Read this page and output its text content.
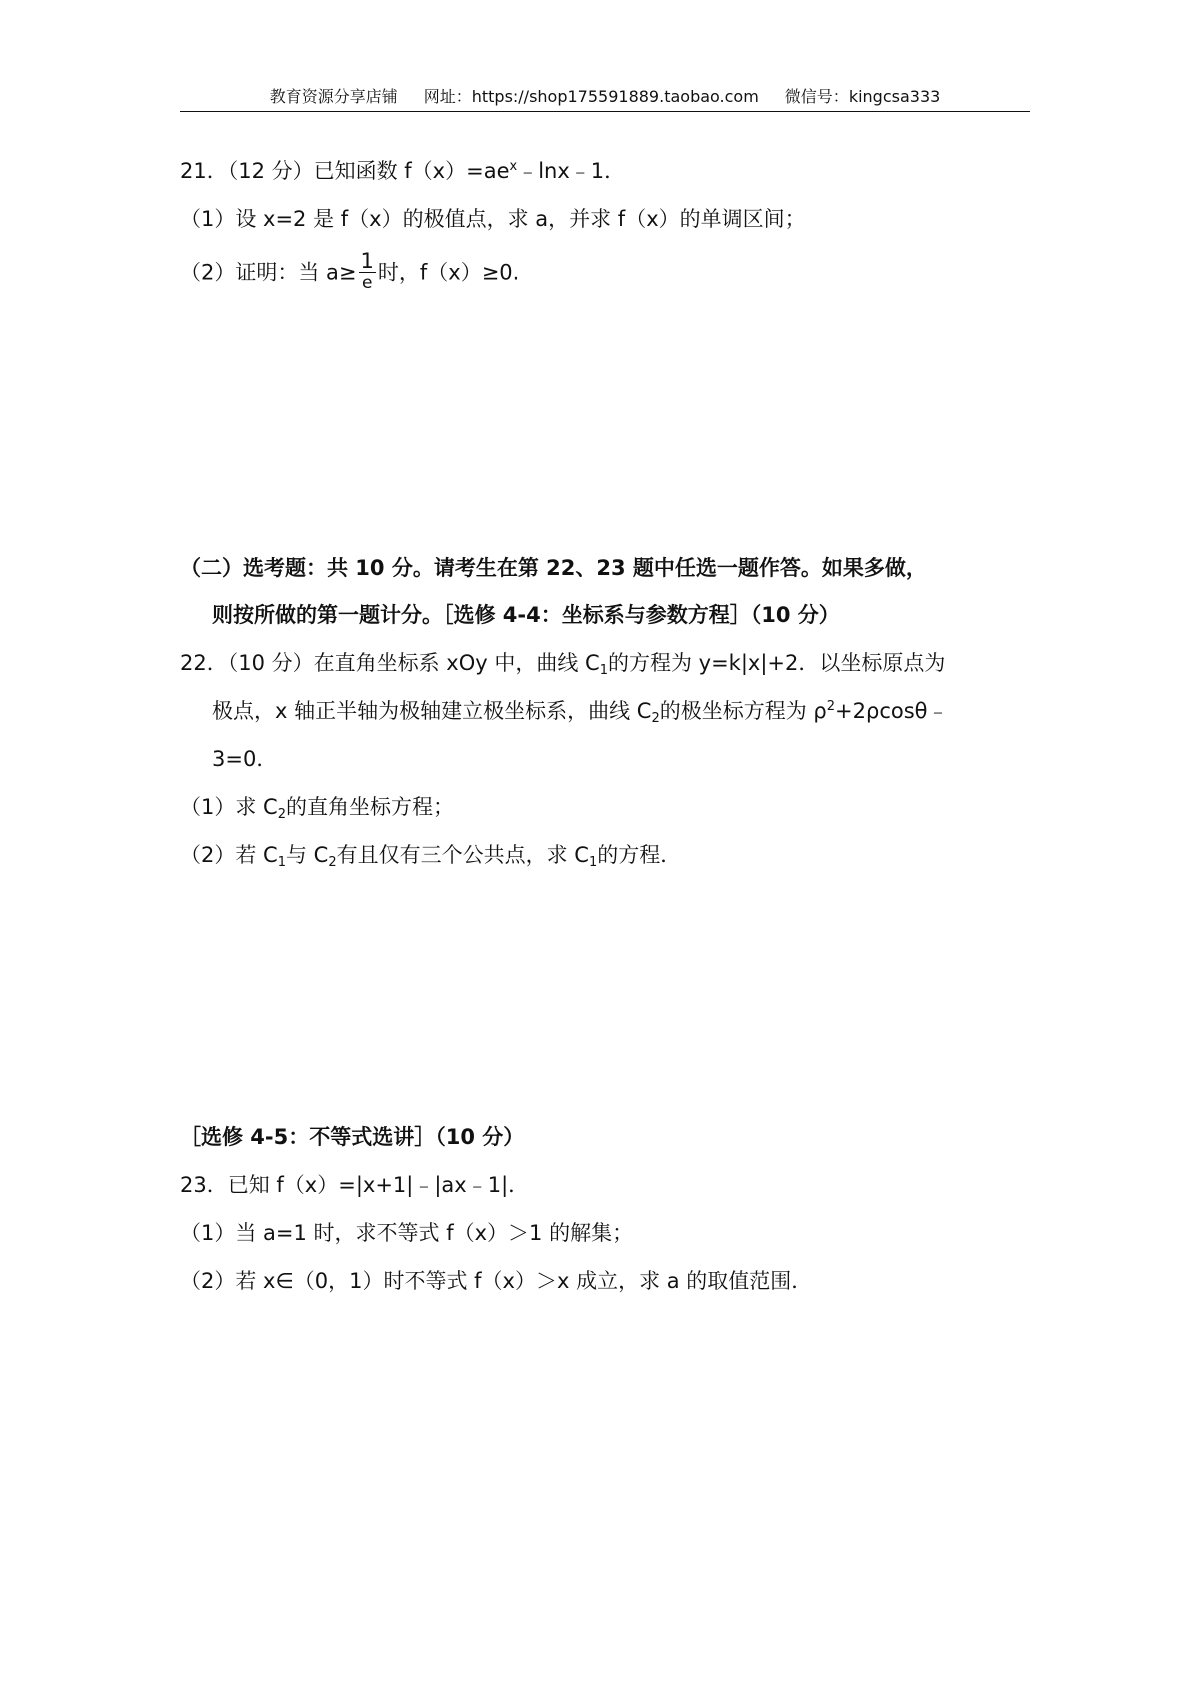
教育资源分享店铺 网址：https://shop175591889.taobao.com 微信号：kingcsa333
21．（12 分）已知函数 $f(x)=ae^x﹣\ln x﹣1$．
（1）设 x=2 是 f（x）的极值点，求 a，并求 f（x）的单调区间；
（2）证明：当 $a\ge \frac{1}{e}$ 时，f（x）≥0.
（二）选考题：共 10 分。请考生在第 22、23 题中任选一题作答。如果多做，
则按所做的第一题计分。［选修 4-4：坐标系与参数方程］（10 分）
22．（10 分）在直角坐标系 xOy 中，曲线 $C_1$的方程为 y=k|x|+2．以坐标原点为
极点，x 轴正半轴为极轴建立极坐标系，曲线 $C_2$的极坐标方程为 $\rho^2+2\rho\cos\theta﹣$
3=0．
（1）求 $C_2$的直角坐标方程；
（2）若 $C_1$与 $C_2$有且仅有三个公共点，求 $C_1$的方程．
［选修 4-5：不等式选讲］（10 分）
23．已知 f（x）=|x+1|﹣|ax﹣1|．
（1）当 a=1 时，求不等式 f（x）＞1 的解集；
（2）若 x∈（0，1）时不等式 f（x）＞x 成立，求 a 的取值范围．
